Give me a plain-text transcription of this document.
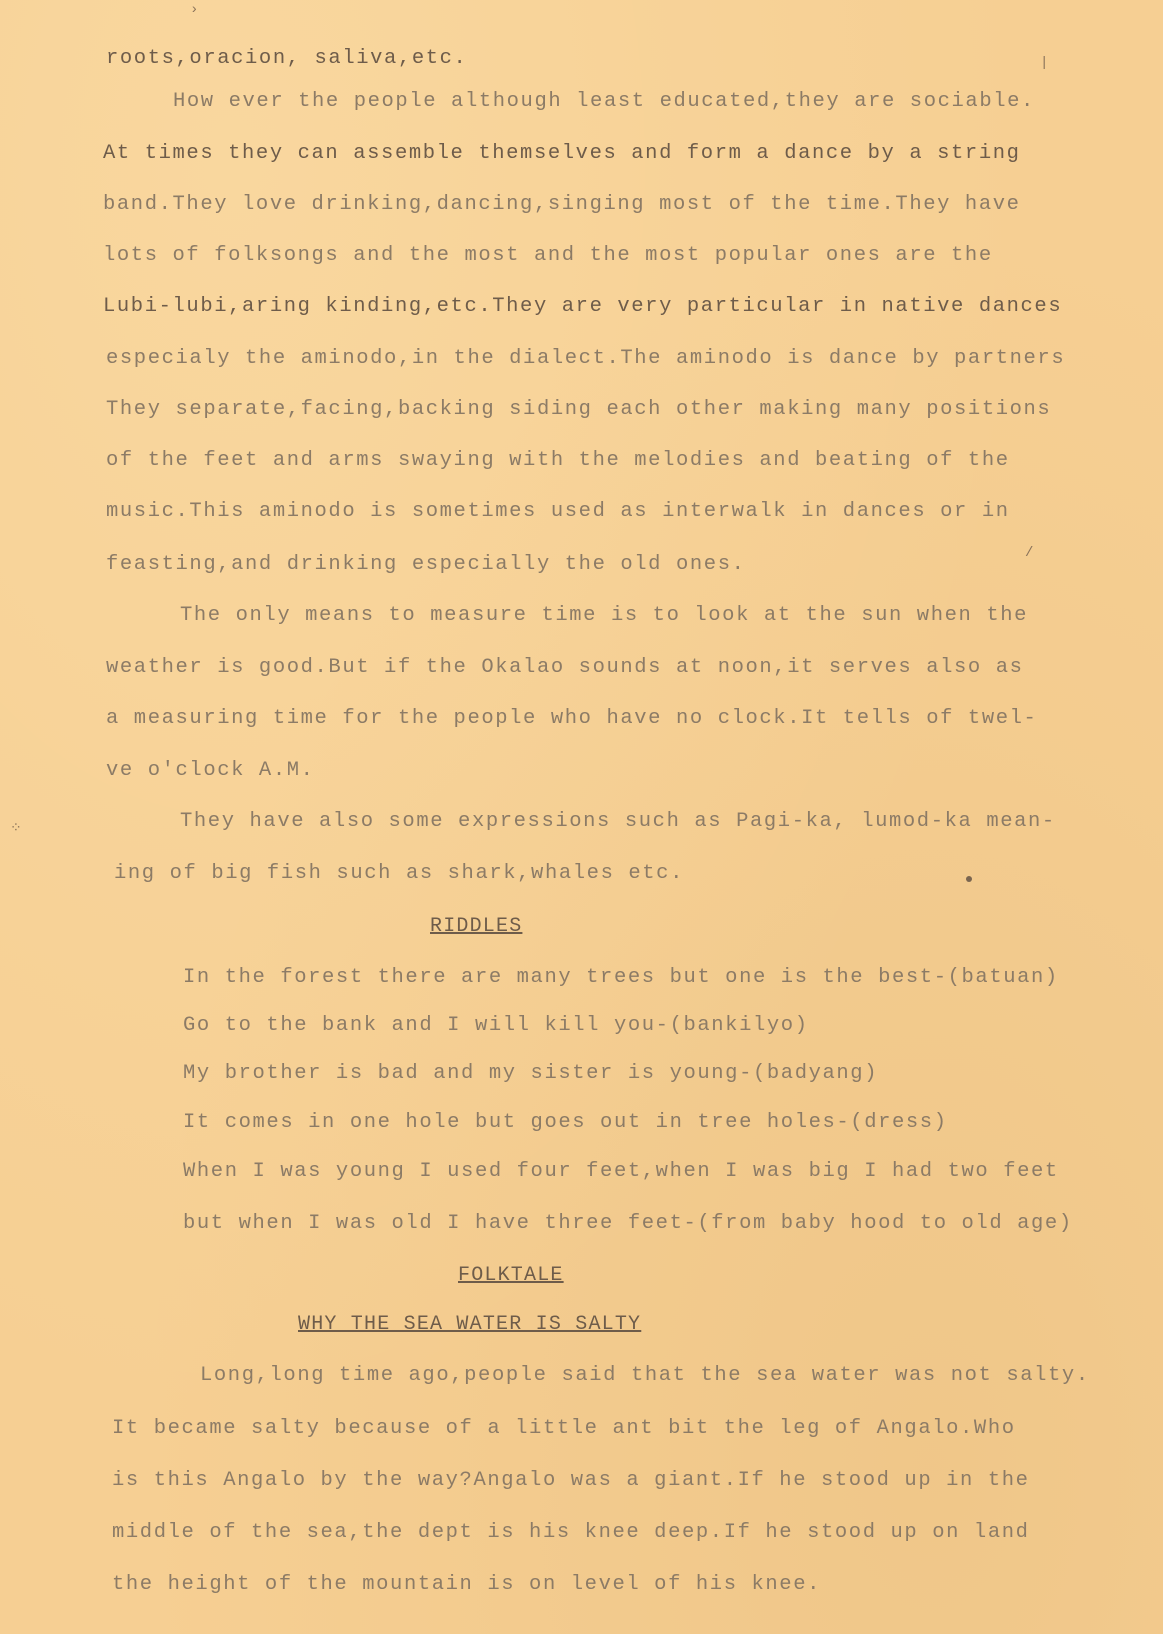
roots,oracion, saliva,etc.
How ever the people although least educated,they are sociable.
At times they can assemble themselves and form a dance by a string
band.They love drinking,dancing,singing most of the time.They have
lots of folksongs and the most and the most popular ones are the
Lubi-lubi,aring kinding,etc.They are very particular in native dances
especialy the aminodo,in the dialect.The aminodo is dance by partners
They separate,facing,backing siding each other making many positions
of the feet and arms swaying with the melodies and beating of the
music.This aminodo is sometimes used as interwalk in dances or in
feasting,and drinking especially the old ones.
The only means to measure time is to look at the sun when the
weather is good.But if the Okalao sounds at noon,it serves also as
a measuring time for the people who have no clock.It tells of twel-
ve o'clock A.M.
They have also some expressions such as Pagi-ka, lumod-ka mean-
ing of big fish such as shark,whales etc.
RIDDLES
In the forest there are many trees but one is the best-(batuan)
Go to the bank and I will kill you-(bankilyo)
My brother is bad and my sister is young-(badyang)
It comes in one hole but goes out in tree holes-(dress)
When I was young I used four feet,when I was big I had two feet
but when I was old I have three feet-(from baby hood to old age)
FOLKTALE
WHY THE SEA WATER IS SALTY
Long,long time ago,people said that the sea water was not salty.
It became salty because of a little ant bit the leg of Angalo.Who
is this Angalo by the way?Angalo was a giant.If he stood up in the
middle of the sea,the dept is his knee deep.If he stood up on land
the height of the mountain is on level of his knee.
/
|
›
⁘
